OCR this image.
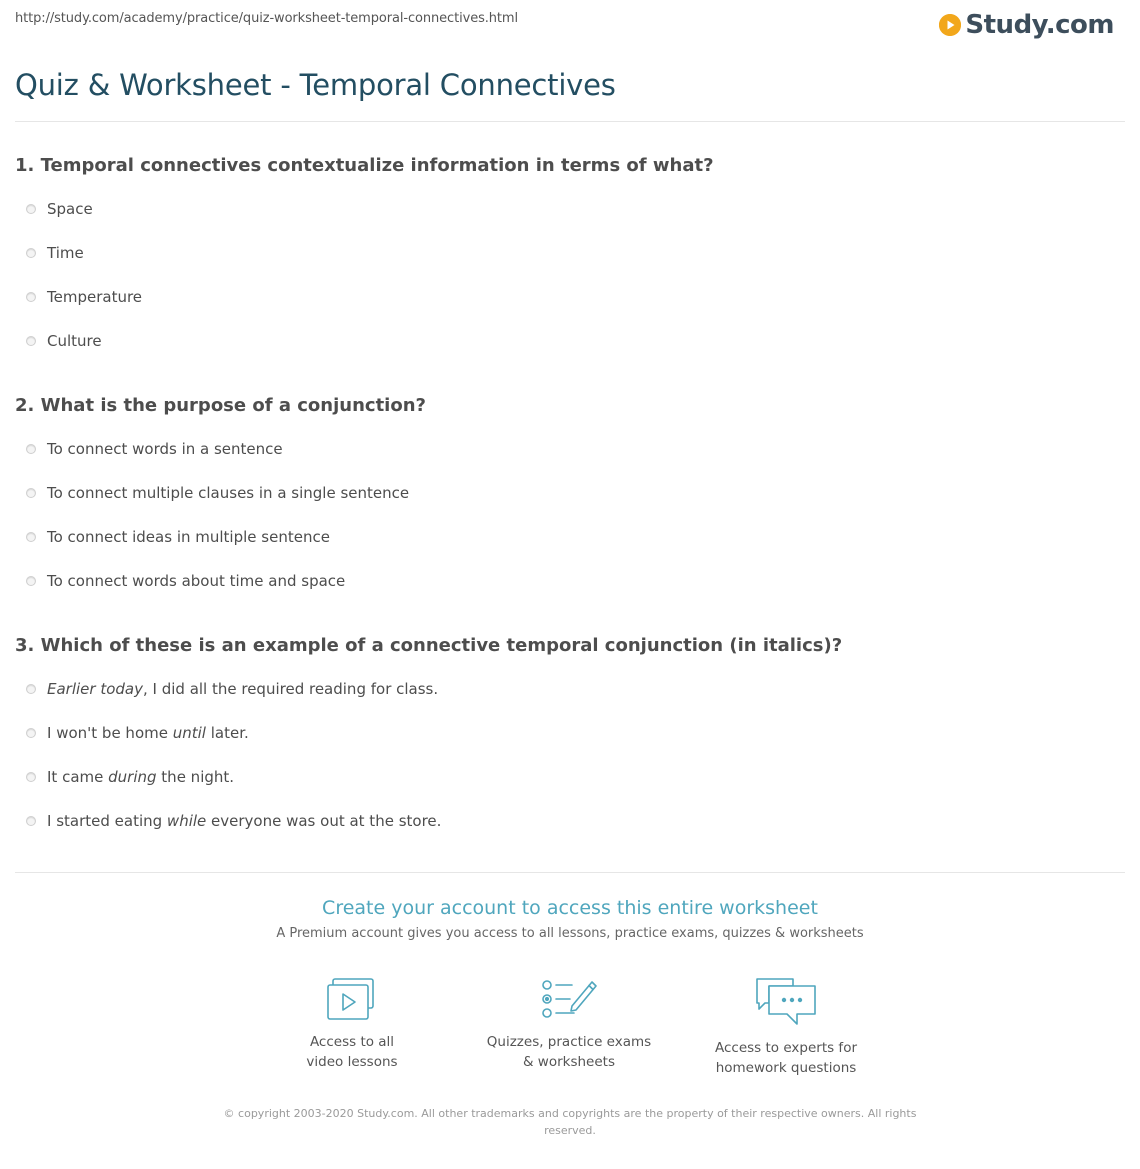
http://study.com/academy/practice/quiz-worksheet-temporal-connectives.html	Study.com
Quiz & Worksheet - Temporal Connectives

1. Temporal connectives contextualize information in terms of what?

Space
Time
Temperature
Culture

2. What is the purpose of a conjunction?

To connect words in a sentence
To connect multiple clauses in a single sentence
To connect ideas in multiple sentence
To connect words about time and space

3. Which of these is an example of a connective temporal conjunction (in italics)?

Earlier today, I did all the required reading for class.
I won't be home until later.
It came during the night.
I started eating while everyone was out at the store.
Create your account to access this entire worksheet
A Premium account gives you access to all lessons, practice exams, quizzes & worksheets
Access to all
video lessons
Quizzes, practice exams
& worksheets
Access to experts for
homework questions
© copyright 2003-2020 Study.com. All other trademarks and copyrights are the property of their respective owners. All rights reserved.
